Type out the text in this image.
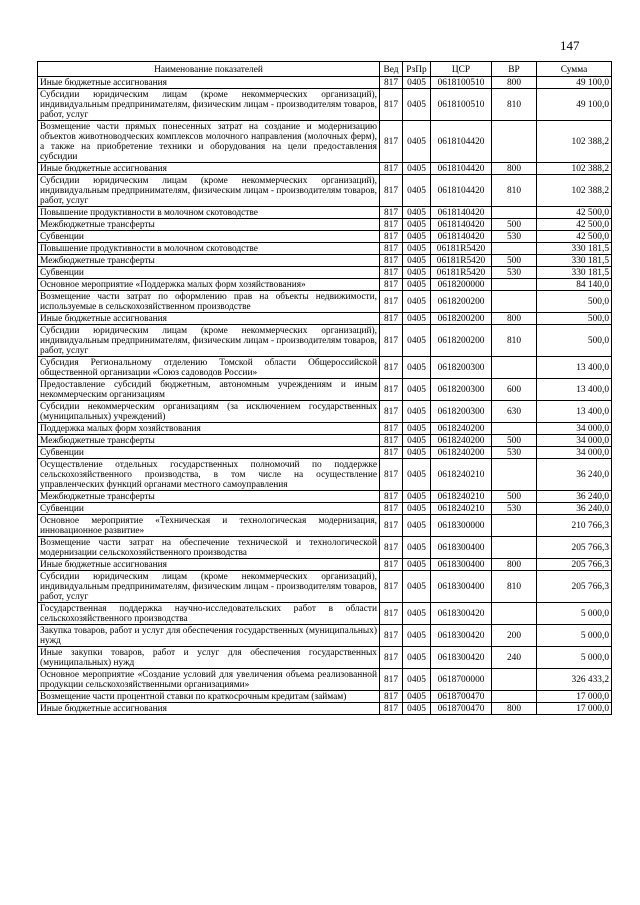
147
Наименование показателей	Вед	РзПр	ЦСР	ВР	Сумма
Иные бюджетные ассигнования	817	0405	0618100510	800	49 100,0
Субсидии юридическим лицам (кроме некоммерческих организаций), индивидуальным предпринимателям, физическим лицам - производителям товаров, работ, услуг	817	0405	0618100510	810	49 100,0
Возмещение части прямых понесенных затрат на создание и модернизацию объектов животноводческих комплексов молочного направления (молочных ферм), а также на приобретение техники и оборудования на цели предоставления субсидии	817	0405	0618104420		102 388,2
Иные бюджетные ассигнования	817	0405	0618104420	800	102 388,2
Субсидии юридическим лицам (кроме некоммерческих организаций), индивидуальным предпринимателям, физическим лицам - производителям товаров, работ, услуг	817	0405	0618104420	810	102 388,2
Повышение продуктивности в молочном скотоводстве	817	0405	0618140420		42 500,0
Межбюджетные трансферты	817	0405	0618140420	500	42 500,0
Субвенции	817	0405	0618140420	530	42 500,0
Повышение продуктивности в молочном скотоводстве	817	0405	06181R5420		330 181,5
Межбюджетные трансферты	817	0405	06181R5420	500	330 181,5
Субвенции	817	0405	06181R5420	530	330 181,5
Основное мероприятие «Поддержка малых форм хозяйствования»	817	0405	0618200000		84 140,0
Возмещение части затрат по оформлению прав на объекты недвижимости, используемые в сельскохозяйственном производстве	817	0405	0618200200		500,0
Иные бюджетные ассигнования	817	0405	0618200200	800	500,0
Субсидии юридическим лицам (кроме некоммерческих организаций), индивидуальным предпринимателям, физическим лицам - производителям товаров, работ, услуг	817	0405	0618200200	810	500,0
Субсидия Региональному отделению Томской области Общероссийской общественной организации «Союз садоводов России»	817	0405	0618200300		13 400,0
Предоставление субсидий бюджетным, автономным учреждениям и иным некоммерческим организациям	817	0405	0618200300	600	13 400,0
Субсидии некоммерческим организациям (за исключением государственных (муниципальных) учреждений)	817	0405	0618200300	630	13 400,0
Поддержка малых форм хозяйствования	817	0405	0618240200		34 000,0
Межбюджетные трансферты	817	0405	0618240200	500	34 000,0
Субвенции	817	0405	0618240200	530	34 000,0
Осуществление отдельных государственных полномочий по поддержке сельскохозяйственного производства, в том числе на осуществление управленческих функций органами местного самоуправления	817	0405	0618240210		36 240,0
Межбюджетные трансферты	817	0405	0618240210	500	36 240,0
Субвенции	817	0405	0618240210	530	36 240,0
Основное мероприятие «Техническая и технологическая модернизация, инновационное развитие»	817	0405	0618300000		210 766,3
Возмещение части затрат на обеспечение технической и технологической модернизации сельскохозяйственного производства	817	0405	0618300400		205 766,3
Иные бюджетные ассигнования	817	0405	0618300400	800	205 766,3
Субсидии юридическим лицам (кроме некоммерческих организаций), индивидуальным предпринимателям, физическим лицам - производителям товаров, работ, услуг	817	0405	0618300400	810	205 766,3
Государственная поддержка научно-исследовательских работ в области сельскохозяйственного производства	817	0405	0618300420		5 000,0
Закупка товаров, работ и услуг для обеспечения государственных (муниципальных) нужд	817	0405	0618300420	200	5 000,0
Иные закупки товаров, работ и услуг для обеспечения государственных (муниципальных) нужд	817	0405	0618300420	240	5 000,0
Основное мероприятие «Создание условий для увеличения объема реализованной продукции сельскохозяйственными организациями»	817	0405	0618700000		326 433,2
Возмещение части процентной ставки по краткосрочным кредитам (займам)	817	0405	0618700470		17 000,0
Иные бюджетные ассигнования	817	0405	0618700470	800	17 000,0
